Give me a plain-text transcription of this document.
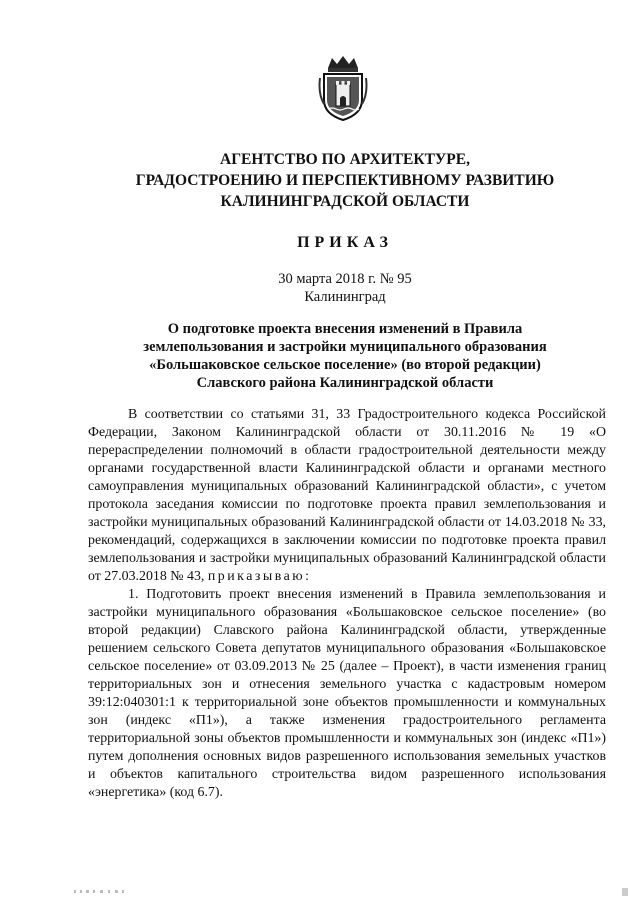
АГЕНТСТВО ПО АРХИТЕКТУРЕ,
ГРАДОСТРОЕНИЮ И ПЕРСПЕКТИВНОМУ РАЗВИТИЮ
КАЛИНИНГРАДСКОЙ ОБЛАСТИ
ПРИКАЗ
30 марта 2018 г. № 95
Калининград
О подготовке проекта внесения изменений в Правила
землепользования и застройки муниципального образования
«Большаковское сельское поселение» (во второй редакции)
Славского района Калининградской области

В соответствии со статьями 31, 33 Градостроительного кодекса Российской Федерации, Законом Калининградской области от 30.11.2016 № 19 «О перераспределении полномочий в области градостроительной деятельности между органами государственной власти Калининградской области и органами местного самоуправления муниципальных образований Калининградской области», с учетом протокола заседания комиссии по подготовке проекта правил землепользования и застройки муниципальных образований Калининградской области от 14.03.2018 № 33, рекомендаций, содержащихся в заключении комиссии по подготовке проекта правил землепользования и застройки муниципальных образований Калининградской области от 27.03.2018 № 43, приказываю:

1. Подготовить проект внесения изменений в Правила землепользования и застройки муниципального образования «Большаковское сельское поселение» (во второй редакции) Славского района Калининградской области, утвержденные решением сельского Совета депутатов муниципального образования «Большаковское сельское поселение» от 03.09.2013 № 25 (далее – Проект), в части изменения границ территориальных зон и отнесения земельного участка с кадастровым номером 39:12:040301:1 к территориальной зоне объектов промышленности и коммунальных зон (индекс «П1»), а также изменения градостроительного регламента территориальной зоны объектов промышленности и коммунальных зон (индекс «П1») путем дополнения основных видов разрешенного использования земельных участков и объектов капитального строительства видом разрешенного использования «энергетика» (код 6.7).
